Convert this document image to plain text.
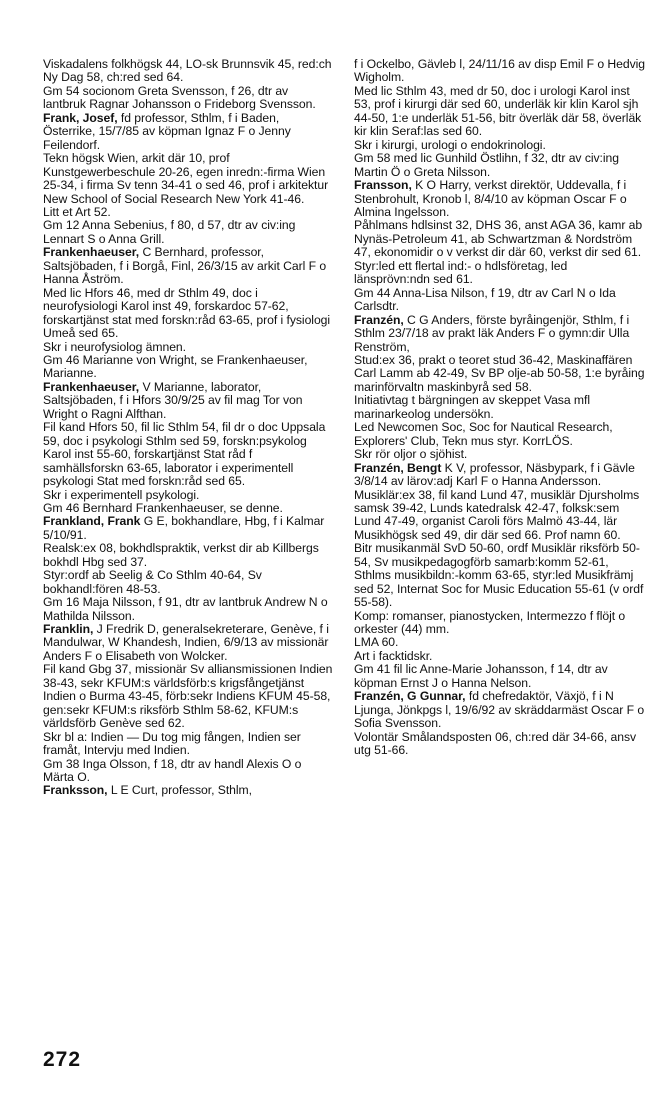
Viskadalens folkhögsk 44, LO-sk Brunnsvik 45, red:ch Ny Dag 58, ch:red sed 64.

Gm 54 socionom Greta Svensson, f 26, dtr av lantbruk Ragnar Johansson o Frideborg Svensson.

Frank, Josef, fd professor, Sthlm, f i Baden, Österrike, 15/7/85 av köpman Ignaz F o Jenny Feilendorf.

Tekn högsk Wien, arkit där 10, prof Kunstgewerbeschule 20-26, egen inredn:-firma Wien 25-34, i firma Sv tenn 34-41 o sed 46, prof i arkitektur New School of Social Research New York 41-46.

Litt et Art 52.

Gm 12 Anna Sebenius, f 80, d 57, dtr av civ:ing Lennart S o Anna Grill.

Frankenhaeuser, C Bernhard, professor, Saltsjöbaden, f i Borgå, Finl, 26/3/15 av arkit Carl F o Hanna Åström.

Med lic Hfors 46, med dr Sthlm 49, doc i neurofysiologi Karol inst 49, forskardoc 57-62, forskartjänst stat med forskn:råd 63-65, prof i fysiologi Umeå sed 65.

Skr i neurofysiolog ämnen.

Gm 46 Marianne von Wright, se Frankenhaeuser, Marianne.

Frankenhaeuser, V Marianne, laborator, Saltsjöbaden, f i Hfors 30/9/25 av fil mag Tor von Wright o Ragni Alfthan.

Fil kand Hfors 50, fil lic Sthlm 54, fil dr o doc Uppsala 59, doc i psykologi Sthlm sed 59, forskn:psykolog Karol inst 55-60, forskartjänst Stat råd f samhällsforskn 63-65, laborator i experimentell psykologi Stat med forskn:råd sed 65.

Skr i experimentell psykologi.

Gm 46 Bernhard Frankenhaeuser, se denne.

Frankland, Frank G E, bokhandlare, Hbg, f i Kalmar 5/10/91.

Realsk:ex 08, bokhdlspraktik, verkst dir ab Killbergs bokhdl Hbg sed 37.

Styr:ordf ab Seelig & Co Sthlm 40-64, Sv bokhandl:fören 48-53.

Gm 16 Maja Nilsson, f 91, dtr av lantbruk Andrew N o Mathilda Nilsson.

Franklin, J Fredrik D, generalsekreterare, Genève, f i Mandulwar, W Khandesh, Indien, 6/9/13 av missionär Anders F o Elisabeth von Wolcker.

Fil kand Gbg 37, missionär Sv alliansmissionen Indien 38-43, sekr KFUM:s världsförb:s krigsfångetjänst Indien o Burma 43-45, förb:sekr Indiens KFUM 45-58, gen:sekr KFUM:s riksförb Sthlm 58-62, KFUM:s världsförb Genève sed 62.

Skr bl a: Indien — Du tog mig fången, Indien ser framåt, Intervju med Indien.

Gm 38 Inga Olsson, f 18, dtr av handl Alexis O o Märta O.

Franksson, L E Curt, professor, Sthlm,

f i Ockelbo, Gävleb l, 24/11/16 av disp Emil F o Hedvig Wigholm.

Med lic Sthlm 43, med dr 50, doc i urologi Karol inst 53, prof i kirurgi där sed 60, underläk kir klin Karol sjh 44-50, 1:e underläk 51-56, bitr överläk där 58, överläk kir klin Seraf:las sed 60.

Skr i kirurgi, urologi o endokrinologi.

Gm 58 med lic Gunhild Östlihn, f 32, dtr av civ:ing Martin Ö o Greta Nilsson.

Fransson, K O Harry, verkst direktör, Uddevalla, f i Stenbrohult, Kronob l, 8/4/10 av köpman Oscar F o Almina Ingelsson.

Påhlmans hdlsinst 32, DHS 36, anst AGA 36, kamr ab Nynäs-Petroleum 41, ab Schwartzman & Nordström 47, ekonomidir o v verkst dir där 60, verkst dir sed 61.

Styr:led ett flertal ind:- o hdlsföretag, led länsprövn:ndn sed 61.

Gm 44 Anna-Lisa Nilson, f 19, dtr av Carl N o Ida Carlsdtr.

Franzén, C G Anders, förste byråingenjör, Sthlm, f i Sthlm 23/7/18 av prakt läk Anders F o gymn:dir Ulla Renström,

Stud:ex 36, prakt o teoret stud 36-42, Maskinaffären Carl Lamm ab 42-49, Sv BP olje-ab 50-58, 1:e byråing marinförvaltn maskinbyrå sed 58.

Initiativtag t bärgningen av skeppet Vasa mfl marinarkeolog undersökn.

Led Newcomen Soc, Soc for Nautical Research, Explorers' Club, Tekn mus styr. KorrLÖS.

Skr rör oljor o sjöhist.

Franzén, Bengt K V, professor, Näsbypark, f i Gävle 3/8/14 av lärov:adj Karl F o Hanna Andersson.

Musiklär:ex 38, fil kand Lund 47, musiklär Djursholms samsk 39-42, Lunds katedralsk 42-47, folksk:sem Lund 47-49, organist Caroli förs Malmö 43-44, lär Musikhögsk sed 49, dir där sed 66. Prof namn 60.

Bitr musikanmäl SvD 50-60, ordf Musiklär riksförb 50-54, Sv musikpedagogförb samarb:komm 52-61, Sthlms musikbildn:-komm 63-65, styr:led Musikfrämj sed 52, Internat Soc for Music Education 55-61 (v ordf 55-58).

Komp: romanser, pianostycken, Intermezzo f flöjt o orkester (44) mm.

LMA 60.

Art i facktidskr.

Gm 41 fil lic Anne-Marie Johansson, f 14, dtr av köpman Ernst J o Hanna Nelson.

Franzén, G Gunnar, fd chefredaktör, Växjö, f i N Ljunga, Jönkpgs l, 19/6/92 av skräddarmäst Oscar F o Sofia Svensson.

Volontär Smålandsposten 06, ch:red där 34-66, ansv utg 51-66.

272
